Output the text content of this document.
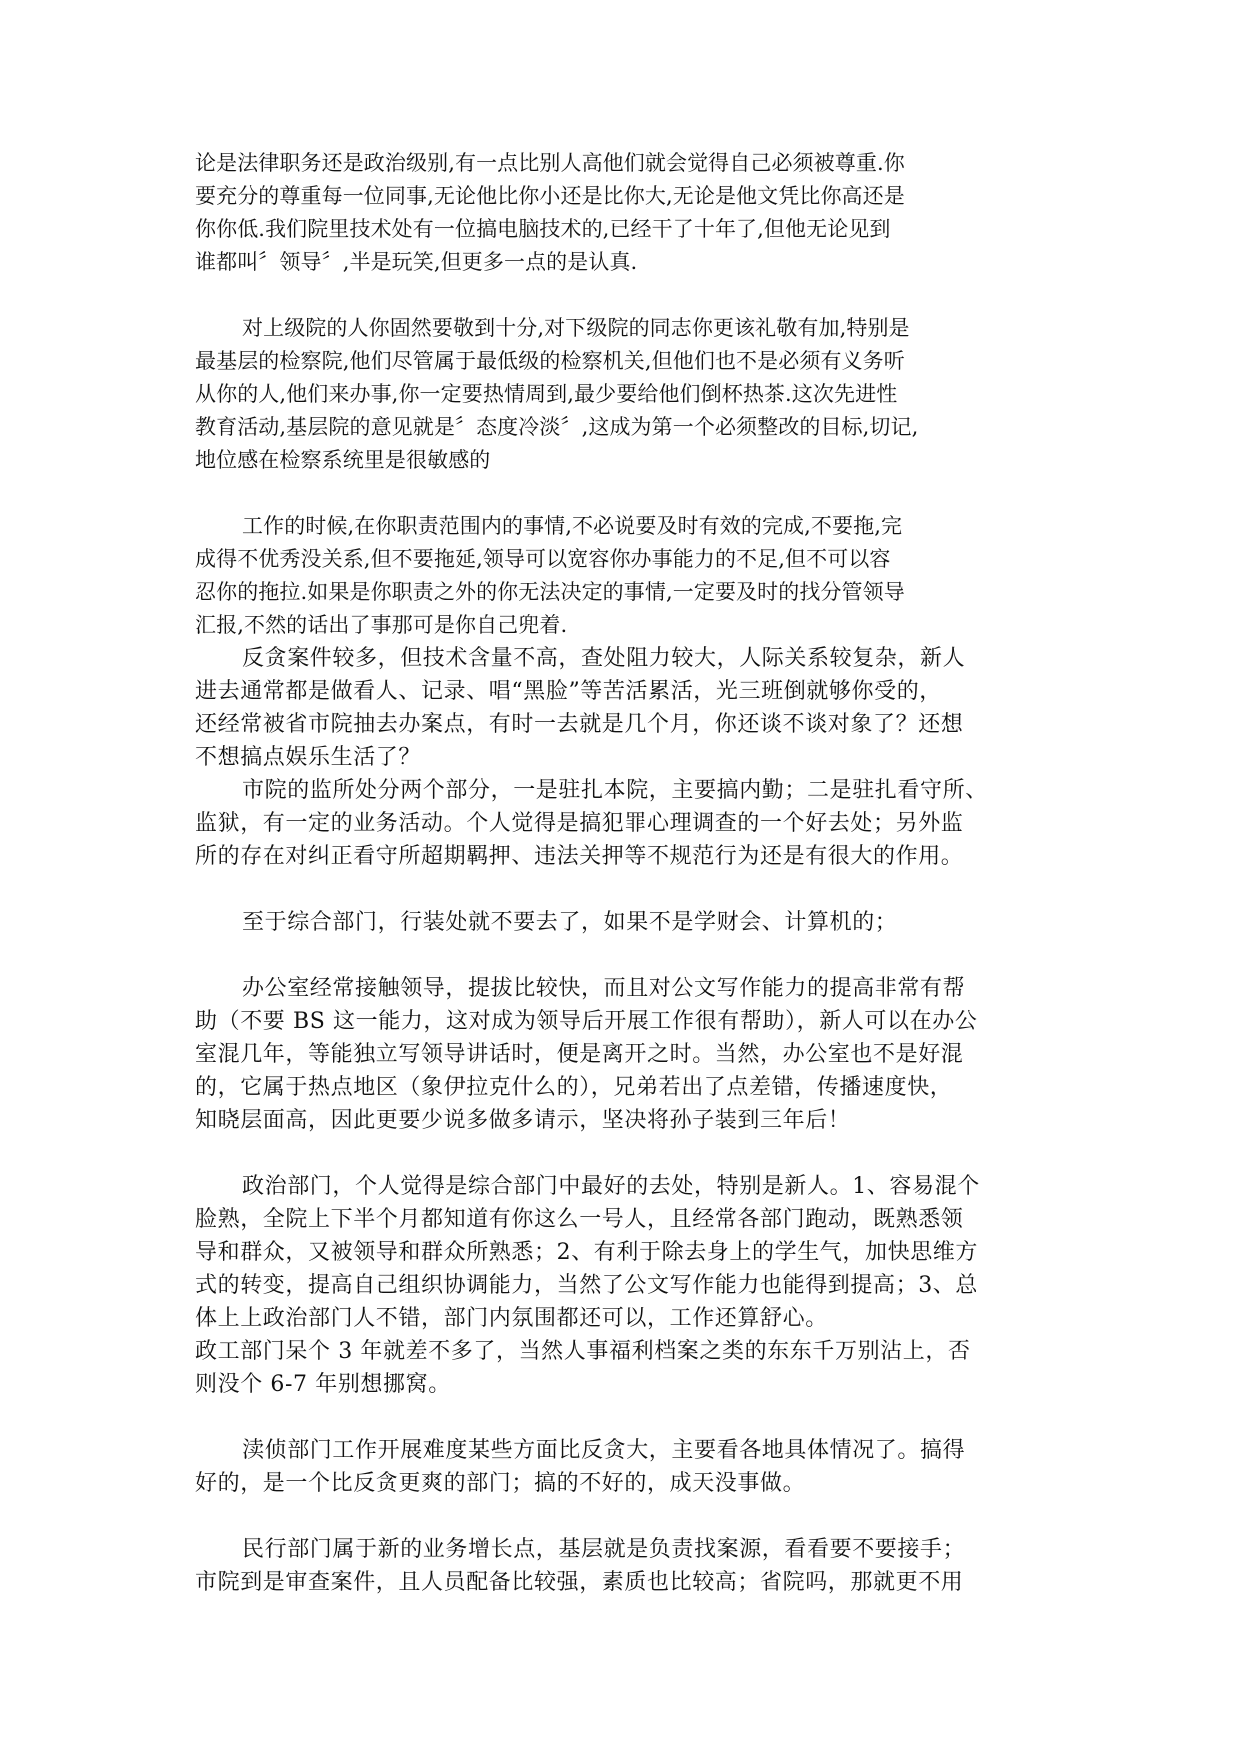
论是法律职务还是政治级别,有一点比别人高他们就会觉得自己必须被尊重.你
要充分的尊重每一位同事,无论他比你小还是比你大,无论是他文凭比你高还是
你你低.我们院里技术处有一位搞电脑技术的,已经干了十年了,但他无论见到
谁都叫〞领导〞,半是玩笑,但更多一点的是认真.
对上级院的人你固然要敬到十分,对下级院的同志你更该礼敬有加,特别是
最基层的检察院,他们尽管属于最低级的检察机关,但他们也不是必须有义务听
从你的人,他们来办事,你一定要热情周到,最少要给他们倒杯热茶.这次先进性
教育活动,基层院的意见就是〞态度冷淡〞,这成为第一个必须整改的目标,切记,
地位感在检察系统里是很敏感的
工作的时候,在你职责范围内的事情,不必说要及时有效的完成,不要拖,完
成得不优秀没关系,但不要拖延,领导可以宽容你办事能力的不足,但不可以容
忍你的拖拉.如果是你职责之外的你无法决定的事情,一定要及时的找分管领导
汇报,不然的话出了事那可是你自己兜着.
反贪案件较多，但技术含量不高，查处阻力较大，人际关系较复杂，新人
进去通常都是做看人、记录、唱“黑脸”等苦活累活，光三班倒就够你受的，
还经常被省市院抽去办案点，有时一去就是几个月，你还谈不谈对象了？还想
不想搞点娱乐生活了？
市院的监所处分两个部分，一是驻扎本院，主要搞内勤；二是驻扎看守所、
监狱，有一定的业务活动。个人觉得是搞犯罪心理调查的一个好去处；另外监
所的存在对纠正看守所超期羁押、违法关押等不规范行为还是有很大的作用。
至于综合部门，行装处就不要去了，如果不是学财会、计算机的；
办公室经常接触领导，提拔比较快，而且对公文写作能力的提高非常有帮
助（不要 BS 这一能力，这对成为领导后开展工作很有帮助），新人可以在办公
室混几年，等能独立写领导讲话时，便是离开之时。当然，办公室也不是好混
的，它属于热点地区（象伊拉克什么的），兄弟若出了点差错，传播速度快，
知晓层面高，因此更要少说多做多请示，坚决将孙子装到三年后！
政治部门，个人觉得是综合部门中最好的去处，特别是新人。1、容易混个
脸熟，全院上下半个月都知道有你这么一号人，且经常各部门跑动，既熟悉领
导和群众，又被领导和群众所熟悉；2、有利于除去身上的学生气，加快思维方
式的转变，提高自己组织协调能力，当然了公文写作能力也能得到提高；3、总
体上上政治部门人不错，部门内氛围都还可以，工作还算舒心。
政工部门呆个 3 年就差不多了，当然人事福利档案之类的东东千万别沾上，否
则没个 6-7 年别想挪窝。
渎侦部门工作开展难度某些方面比反贪大，主要看各地具体情况了。搞得
好的，是一个比反贪更爽的部门；搞的不好的，成天没事做。
民行部门属于新的业务增长点，基层就是负责找案源，看看要不要接手；
市院到是审查案件，且人员配备比较强，素质也比较高；省院吗，那就更不用
